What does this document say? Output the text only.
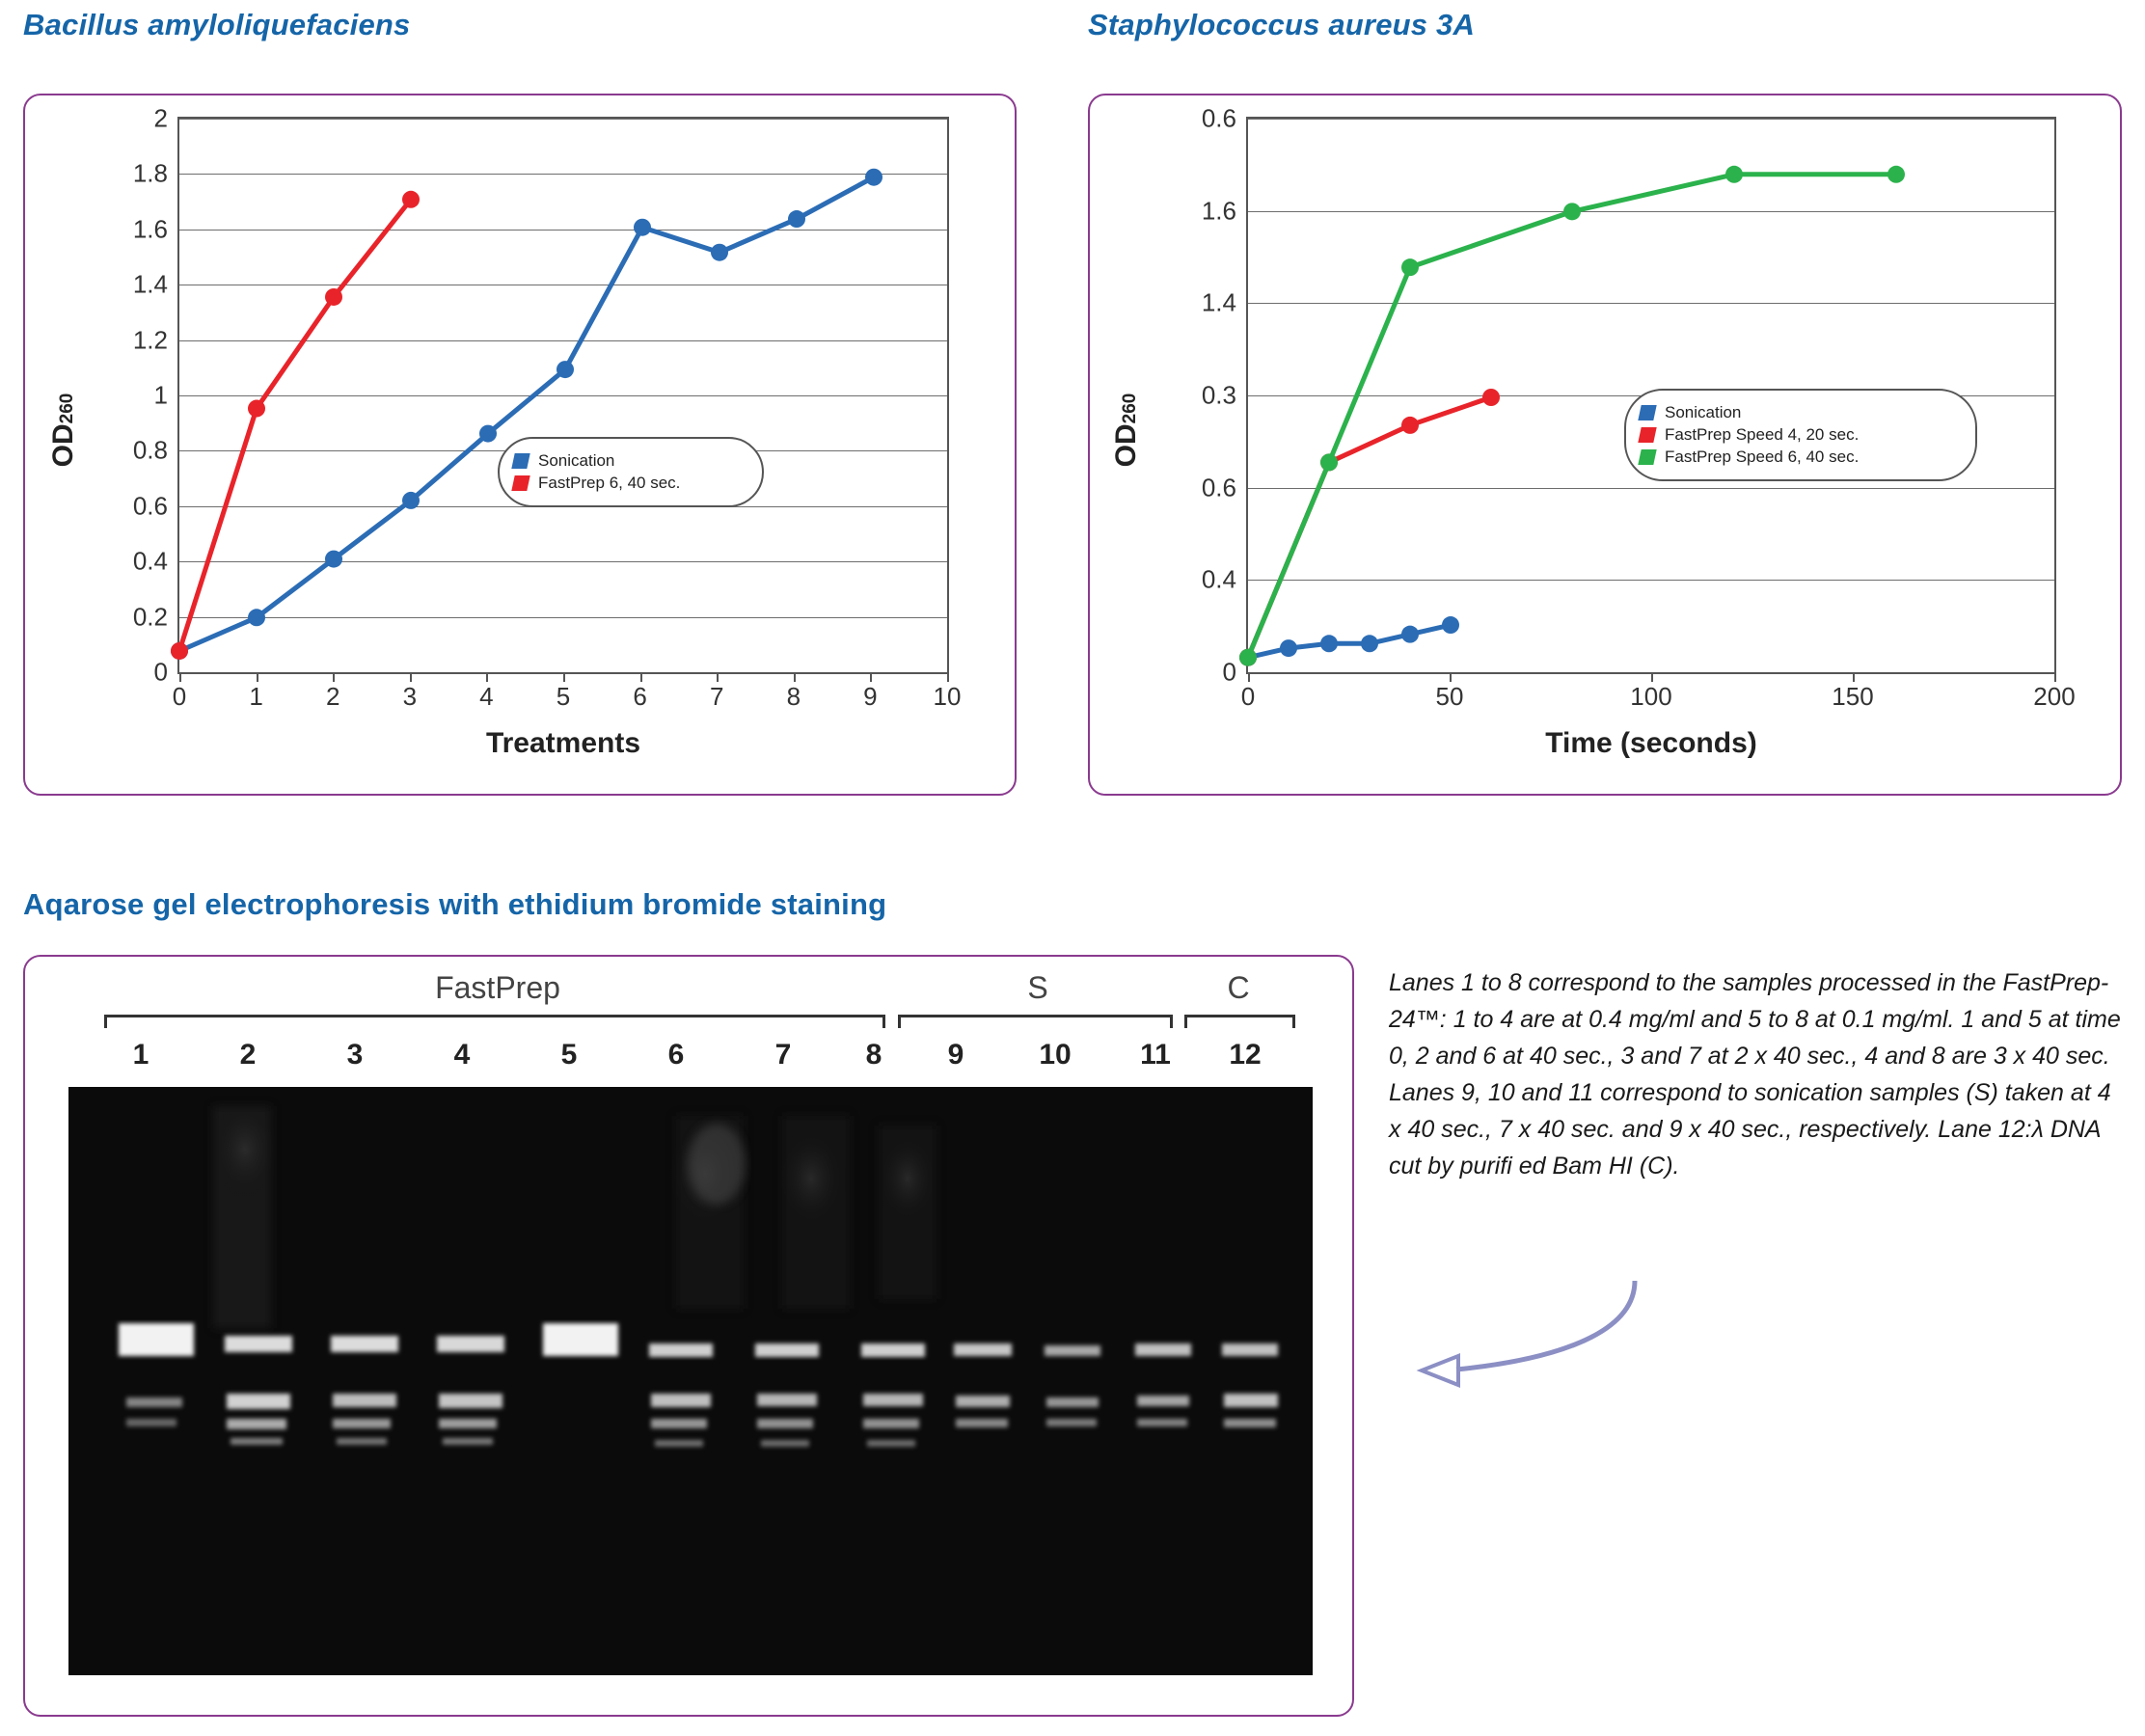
Bacillus amyloliquefaciens
OD260
2
1.8
1.6
1.4
1.2
1
0.8
0.6
0.4
0.2
0
0	1	2	3	4	5	6	7	8	9 10
Sonication
FastPrep 6, 40 sec.
Treatments
Staphylococcus aureus 3A
OD260
0.6
1.6
1.4
0.3
0.6
0.4
0
0	50	100	150	200
Sonication
FastPrep Speed 4, 20 sec.
FastPrep Speed 6, 40 sec.
Time (seconds)
Aqarose gel electrophoresis with ethidium bromide staining
FastPrep	S	C
1	2	3	4	5	6	7	8 9	10 11 12
Lanes 1 to 8 correspond to the samples processed in the FastPrep-24™: 1 to 4 are at 0.4 mg/ml and 5 to 8 at 0.1 mg/ml. 1 and 5 at time 0, 2 and 6 at 40 sec., 3 and 7 at 2 x 40 sec., 4 and 8 are 3 x 40 sec. Lanes 9, 10 and 11 correspond to sonication samples (S) taken at 4 x 40 sec., 7 x 40 sec. and 9 x 40 sec., respectively. Lane 12:λ DNA cut by purifi ed Bam HI (C).
